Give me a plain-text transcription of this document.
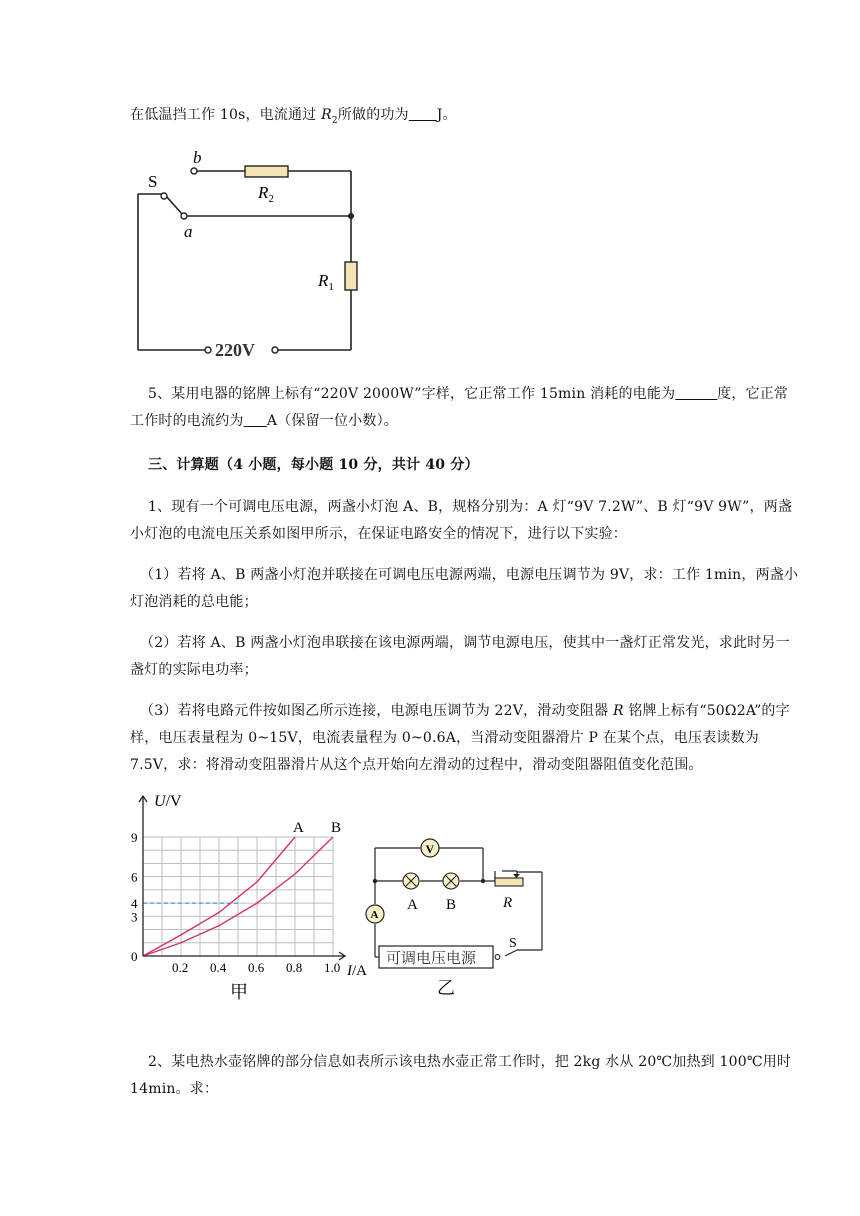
在低温挡工作 10s，电流通过 $R_2$所做的功为 J。

S
b
a
$R_2$
$R_1$
220V

5、某用电器的铭牌上标有“220V 2000W”字样，它正常工作 15min 消耗的电能为	度，它正常工作时的电流约为 A（保留一位小数）。

三、计算题（4 小题，每小题 10 分，共计 40 分）

1、现有一个可调电压电源，两盏小灯泡 A、B，规格分别为：A 灯“9V 7.2W”、B 灯“9V 9W”，两盏小灯泡的电流电压关系如图甲所示，在保证电路安全的情况下，进行以下实验：

（1）若将 A、B 两盏小灯泡并联接在可调电压电源两端，电源电压调节为 9V，求：工作 1min，两盏小灯泡消耗的总电能；

（2）若将 A、B 两盏小灯泡串联接在该电源两端，调节电源电压，使其中一盏灯正常发光，求此时另一盏灯的实际电功率；

（3）若将电路元件按如图乙所示连接，电源电压调节为 22V，滑动变阻器 R 铭牌上标有“50Ω2A”的字样，电压表量程为 0~15V，电流表量程为 0~0.6A，当滑动变阻器滑片 P 在某个点，电压表读数为 7.5V，求：将滑动变阻器滑片从这个点开始向左滑动的过程中，滑动变阻器阻值变化范围。

A B
0.2 0.4 0.6 0.8 1.0
0
3
4
6
9
U/V
I/A
甲
V
A
A B	R
可调电压电源
S
乙

2、某电热水壶铭牌的部分信息如表所示该电热水壶正常工作时，把 2kg 水从 20℃加热到 100℃用时 14min。求：
